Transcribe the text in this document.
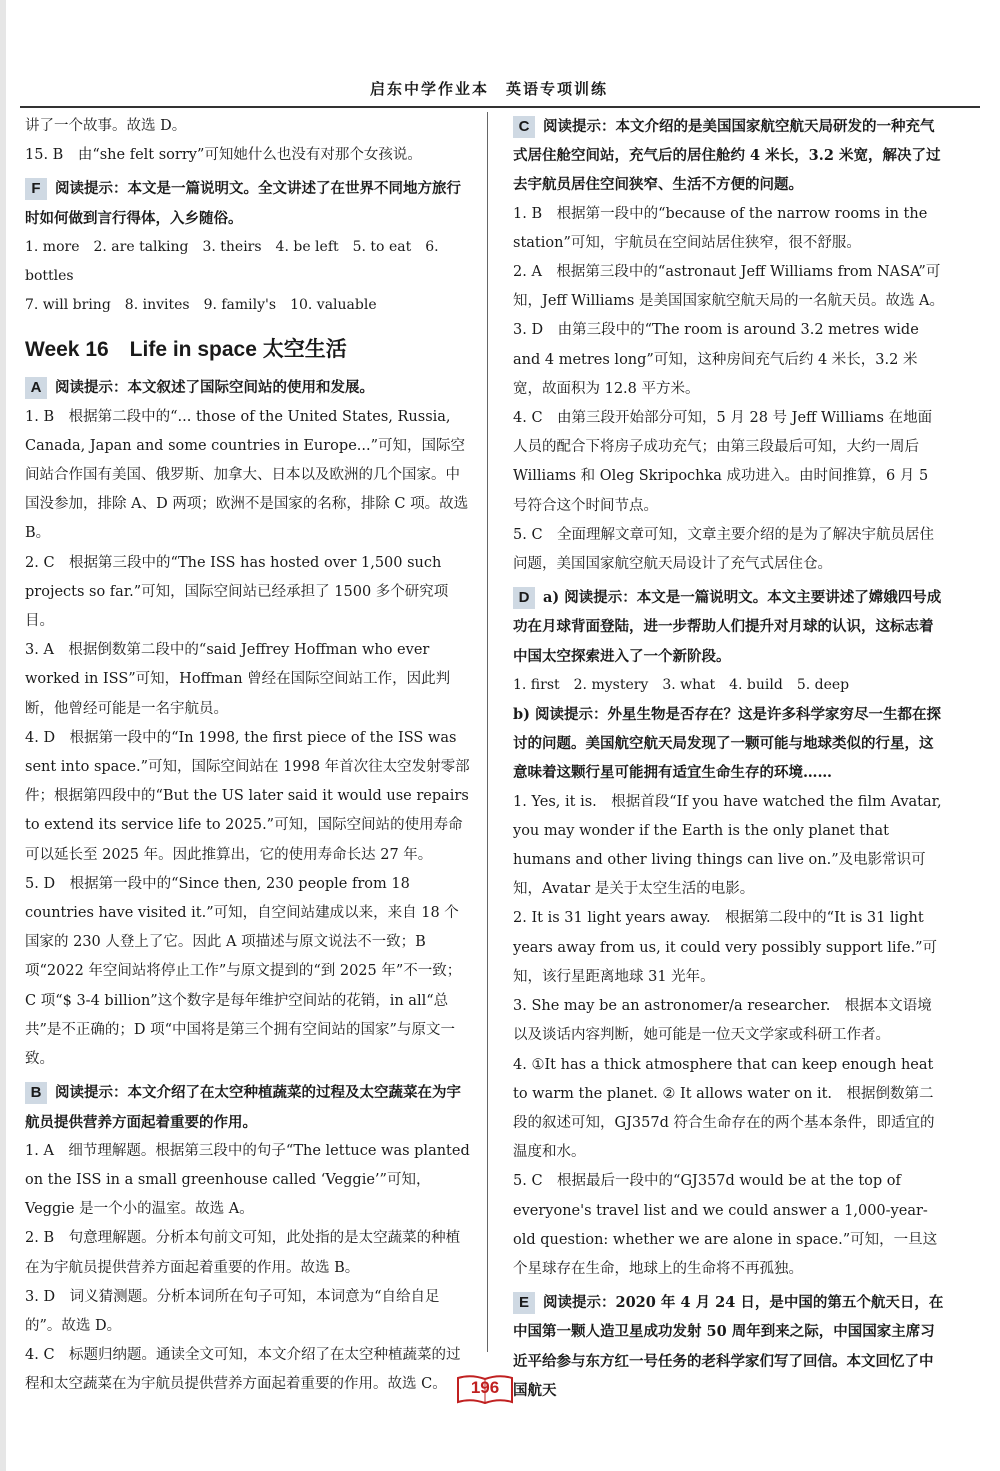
启东中学作业本　英语专项训练

讲了一个故事。故选 D。

15. B　由“she felt sorry”可知她什么也没有对那个女孩说。

F 阅读提示：本文是一篇说明文。全文讲述了在世界不同地方旅行时如何做到言行得体，入乡随俗。

1. more　2. are talking　3. theirs　4. be left　5. to eat　6. bottles

7. will bring　8. invites　9. family's　10. valuable

Week 16　Life in space 太空生活

A 阅读提示：本文叙述了国际空间站的使用和发展。

1. B　根据第二段中的“... those of the United States, Russia, Canada, Japan and some countries in Europe...”可知，国际空间站合作国有美国、俄罗斯、加拿大、日本以及欧洲的几个国家。中国没参加，排除 A、D 两项；欧洲不是国家的名称，排除 C 项。故选 B。

2. C　根据第三段中的“The ISS has hosted over 1,500 such projects so far.”可知，国际空间站已经承担了 1500 多个研究项目。

3. A　根据倒数第二段中的“said Jeffrey Hoffman who ever worked in ISS”可知，Hoffman 曾经在国际空间站工作，因此判断，他曾经可能是一名宇航员。

4. D　根据第一段中的“In 1998, the first piece of the ISS was sent into space.”可知，国际空间站在 1998 年首次往太空发射零部件；根据第四段中的“But the US later said it would use repairs to extend its service life to 2025.”可知，国际空间站的使用寿命可以延长至 2025 年。因此推算出，它的使用寿命长达 27 年。

5. D　根据第一段中的“Since then, 230 people from 18 countries have visited it.”可知，自空间站建成以来，来自 18 个国家的 230 人登上了它。因此 A 项描述与原文说法不一致；B 项“2022 年空间站将停止工作”与原文提到的“到 2025 年”不一致；C 项“$ 3-4 billion”这个数字是每年维护空间站的花销，in all“总共”是不正确的；D 项“中国将是第三个拥有空间站的国家”与原文一致。

B 阅读提示：本文介绍了在太空种植蔬菜的过程及太空蔬菜在为宇航员提供营养方面起着重要的作用。

1. A　细节理解题。根据第三段中的句子“The lettuce was planted on the ISS in a small greenhouse called ‘Veggie’”可知，Veggie 是一个小的温室。故选 A。

2. B　句意理解题。分析本句前文可知，此处指的是太空蔬菜的种植在为宇航员提供营养方面起着重要的作用。故选 B。

3. D　词义猜测题。分析本词所在句子可知，本词意为“自给自足的”。故选 D。

4. C　标题归纳题。通读全文可知，本文介绍了在太空种植蔬菜的过程和太空蔬菜在为宇航员提供营养方面起着重要的作用。故选 C。

C 阅读提示：本文介绍的是美国国家航空航天局研发的一种充气式居住舱空间站，充气后的居住舱约 4 米长，3.2 米宽，解决了过去宇航员居住空间狭窄、生活不方便的问题。

1. B　根据第一段中的“because of the narrow rooms in the station”可知，宇航员在空间站居住狭窄，很不舒服。

2. A　根据第三段中的“astronaut Jeff Williams from NASA”可知，Jeff Williams 是美国国家航空航天局的一名航天员。故选 A。

3. D　由第三段中的“The room is around 3.2 metres wide and 4 metres long”可知，这种房间充气后约 4 米长，3.2 米宽，故面积为 12.8 平方米。

4. C　由第三段开始部分可知，5 月 28 号 Jeff Williams 在地面人员的配合下将房子成功充气；由第三段最后可知，大约一周后 Williams 和 Oleg Skripochka 成功进入。由时间推算，6 月 5 号符合这个时间节点。

5. C　全面理解文章可知，文章主要介绍的是为了解决宇航员居住问题，美国国家航空航天局设计了充气式居住仓。

D a) 阅读提示：本文是一篇说明文。本文主要讲述了嫦娥四号成功在月球背面登陆，进一步帮助人们提升对月球的认识，这标志着中国太空探索进入了一个新阶段。

1. first　2. mystery　3. what　4. build　5. deep

b) 阅读提示：外星生物是否存在？这是许多科学家穷尽一生都在探讨的问题。美国航空航天局发现了一颗可能与地球类似的行星，这意味着这颗行星可能拥有适宜生命生存的环境……

1. Yes, it is.　根据首段“If you have watched the film Avatar, you may wonder if the Earth is the only planet that humans and other living things can live on.”及电影常识可知，Avatar 是关于太空生活的电影。

2. It is 31 light years away.　根据第二段中的“It is 31 light years away from us, it could very possibly support life.”可知，该行星距离地球 31 光年。

3. She may be an astronomer/a researcher.　根据本文语境以及谈话内容判断，她可能是一位天文学家或科研工作者。

4. ①It has a thick atmosphere that can keep enough heat to warm the planet. ② It allows water on it.　根据倒数第二段的叙述可知，GJ357d 符合生命存在的两个基本条件，即适宜的温度和水。

5. C　根据最后一段中的“GJ357d would be at the top of everyone's travel list and we could answer a 1,000-year-old question: whether we are alone in space.”可知，一旦这个星球存在生命，地球上的生命将不再孤独。

E 阅读提示：2020 年 4 月 24 日，是中国的第五个航天日，在中国第一颗人造卫星成功发射 50 周年到来之际，中国国家主席习近平给参与东方红一号任务的老科学家们写了回信。本文回忆了中国航天

196
